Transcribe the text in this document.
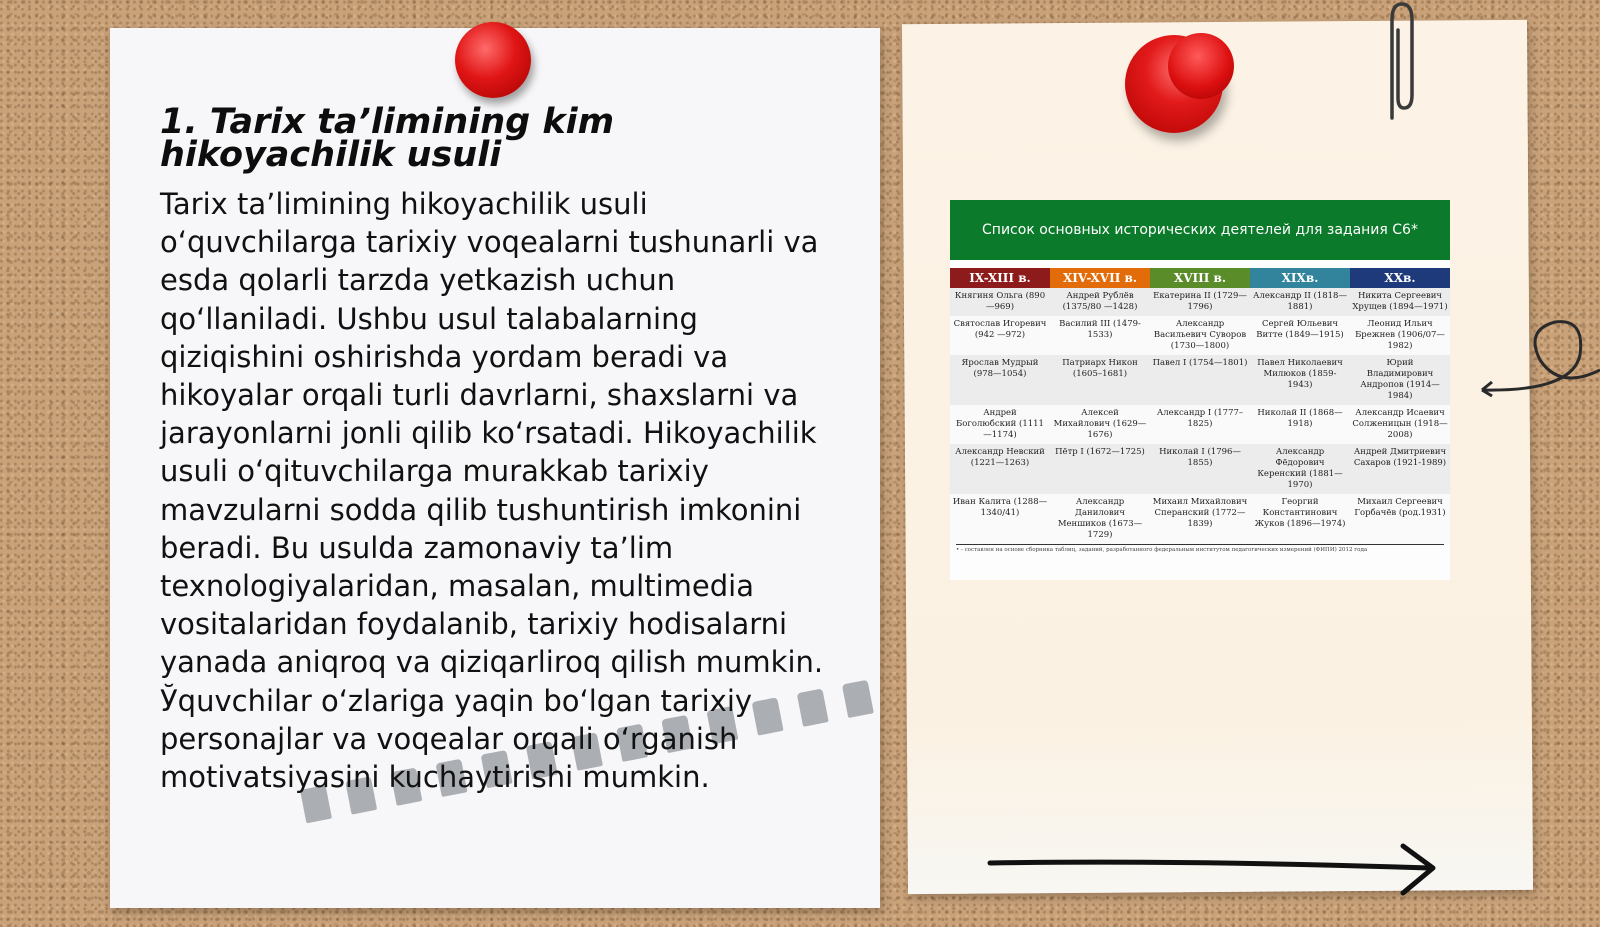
1. Tarix ta’limining kim hikoyachilik usuli

Tarix ta’limining hikoyachilik usuli oʻquvchilarga tarixiy voqealarni tushunarli va esda qolarli tarzda yetkazish uchun qoʻllaniladi. Ushbu usul talabalarning qiziqishini oshirishda yordam beradi va hikoyalar orqali turli davrlarni, shaxslarni va jarayonlarni jonli qilib koʻrsatadi. Hikoyachilik usuli oʻqituvchilarga murakkab tarixiy mavzularni sodda qilib tushuntirish imkonini beradi. Bu usulda zamonaviy ta’lim texnologiyalaridan, masalan, multimedia vositalaridan foydalanib, tarixiy hodisalarni yanada aniqroq va qiziqarliroq qilish mumkin. Ўquvchilar oʻzlariga yaqin boʻlgan tarixiy personajlar va voqealar orqali oʻrganish motivatsiyasini kuchaytirishi mumkin.

Список основных исторических деятелей для задания С6*
IX-XIII в.	XIV-XVII в.	XVIII в.	XIXв.	XXв.
Княгиня Ольга (890—969)	Андрей Рублёв (1375/80 —1428)	Екатерина II (1729—1796)	Александр II (1818—1881)	Никита Сергеевич Хрущев (1894—1971)
Святослав Игоревич (942 —972)	Василий III (1479-1533)	Александр Васильевич Суворов (1730—1800)	Сергей Юльевич Витте (1849—1915)	Леонид Ильич Брежнев (1906/07—1982)
Ярослав Мудрый (978—1054)	Патриарх Никон (1605–1681)	Павел I (1754—1801)	Павел Николаевич Милюков (1859-1943)	Юрий Владимирович Андропов (1914—1984)
Андрей Боголюбский (1111—1174)	Алексей Михайлович (1629—1676)	Александр I (1777–1825)	Николай II (1868—1918)	Александр Исаевич Солженицын (1918—2008)
Александр Невский (1221—1263)	Пётр I (1672—1725)	Николай I (1796—1855)	Александр Фёдорович Керенский (1881—1970)	Андрей Дмитриевич Сахаров (1921-1989)
Иван Калита (1288—1340/41)	Александр Данилович Меншиков (1673—1729)	Михаил Михайлович Сперанский (1772—1839)	Георгий Константинович Жуков (1896—1974)	Михаил Сергеевич Горбачёв (род.1931)
• - составлен на основе сборника таблиц, заданий, разработанного федеральным институтом педагогических измерений (ФИПИ) 2012 года
